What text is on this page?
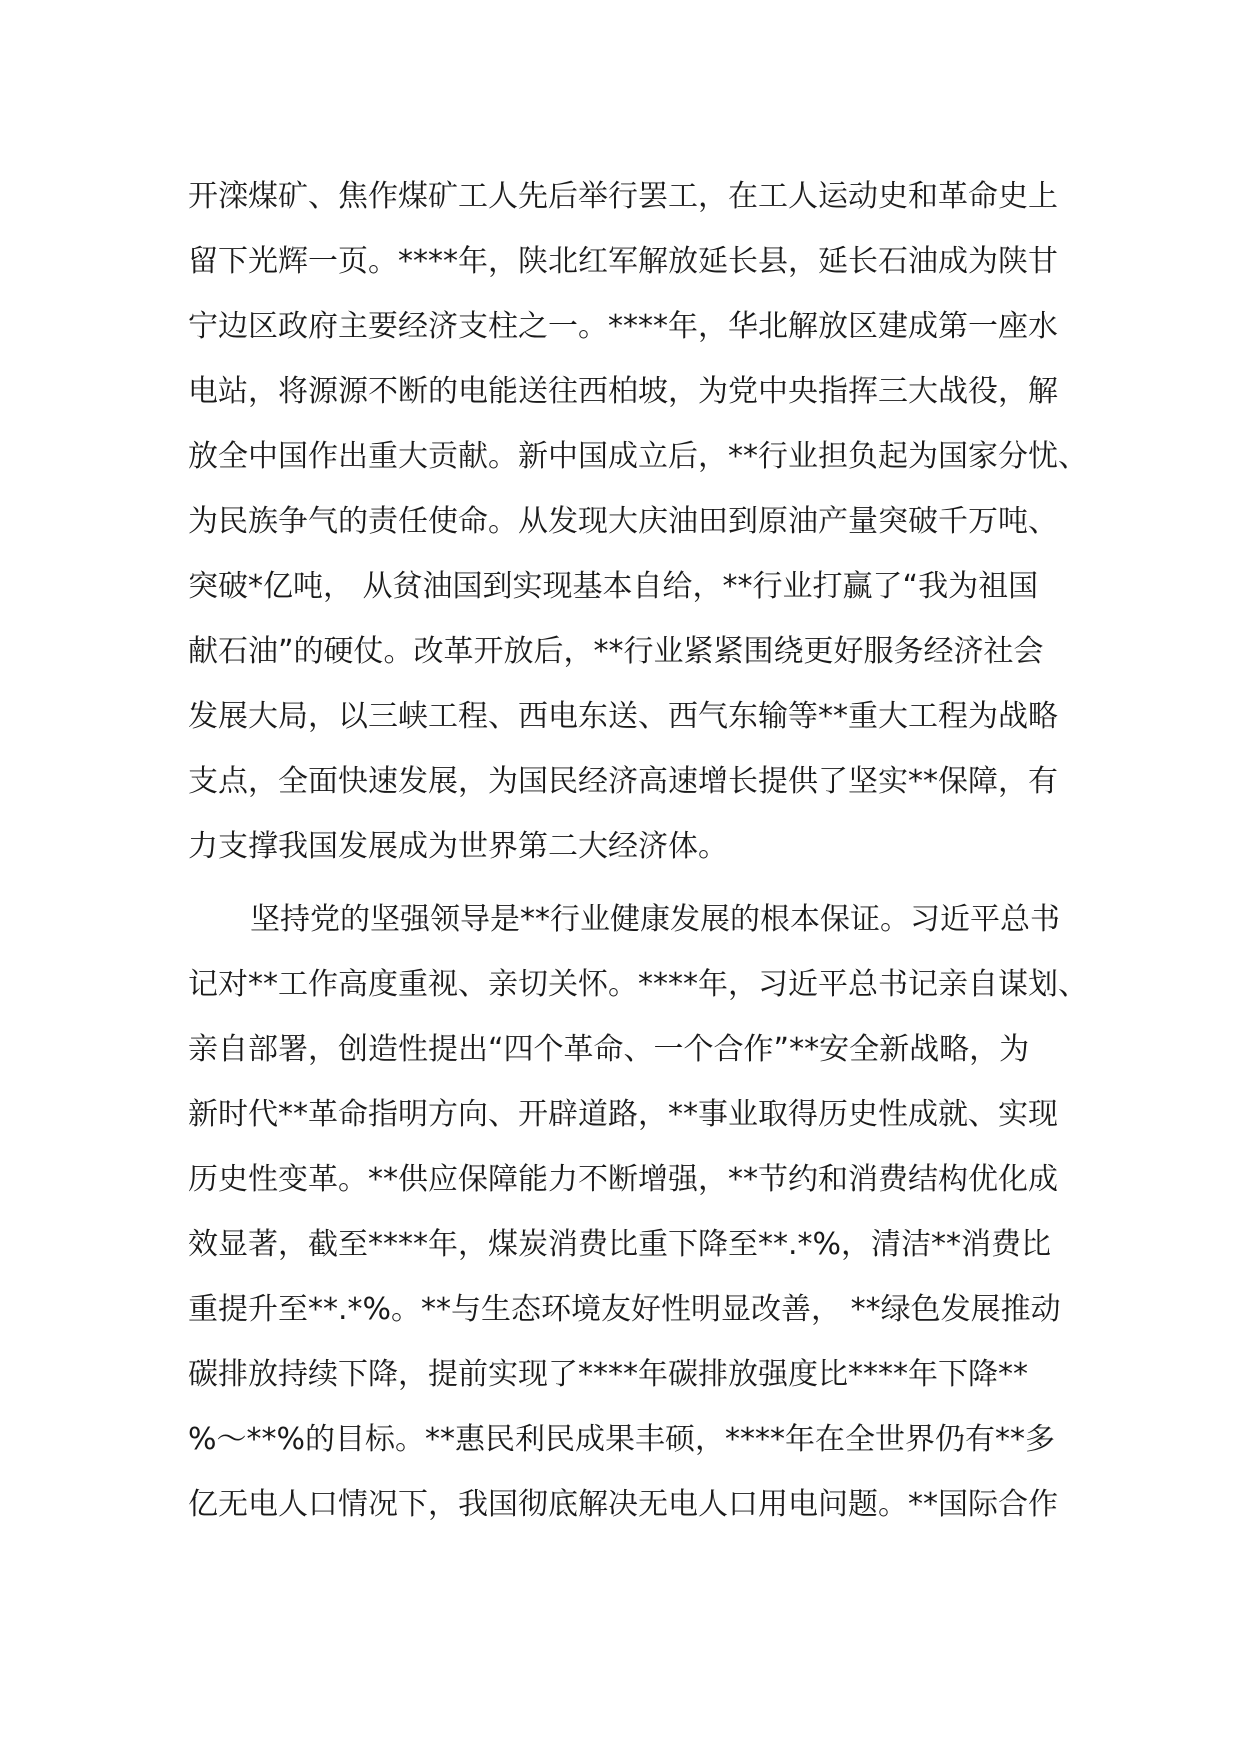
开滦煤矿、焦作煤矿工人先后举行罢工，在工人运动史和革命史上
留下光辉一页。****年，陕北红军解放延长县，延长石油成为陕甘
宁边区政府主要经济支柱之一。****年，华北解放区建成第一座水
电站，将源源不断的电能送往西柏坡，为党中央指挥三大战役，解
放全中国作出重大贡献。新中国成立后，**行业担负起为国家分忧、
为民族争气的责任使命。从发现大庆油田到原油产量突破千万吨、
突破*亿吨， 从贫油国到实现基本自给，**行业打赢了“我为祖国
献石油”的硬仗。改革开放后，**行业紧紧围绕更好服务经济社会
发展大局，以三峡工程、西电东送、西气东输等**重大工程为战略
支点，全面快速发展，为国民经济高速增长提供了坚实**保障，有
力支撑我国发展成为世界第二大经济体。
坚持党的坚强领导是**行业健康发展的根本保证。习近平总书
记对**工作高度重视、亲切关怀。****年，习近平总书记亲自谋划、
亲自部署，创造性提出“四个革命、一个合作”**安全新战略，为
新时代**革命指明方向、开辟道路，**事业取得历史性成就、实现
历史性变革。**供应保障能力不断增强，**节约和消费结构优化成
效显著，截至****年，煤炭消费比重下降至**.*%，清洁**消费比
重提升至**.*%。**与生态环境友好性明显改善， **绿色发展推动
碳排放持续下降，提前实现了****年碳排放强度比****年下降**
%～**%的目标。**惠民利民成果丰硕，****年在全世界仍有**多
亿无电人口情况下，我国彻底解决无电人口用电问题。**国际合作
